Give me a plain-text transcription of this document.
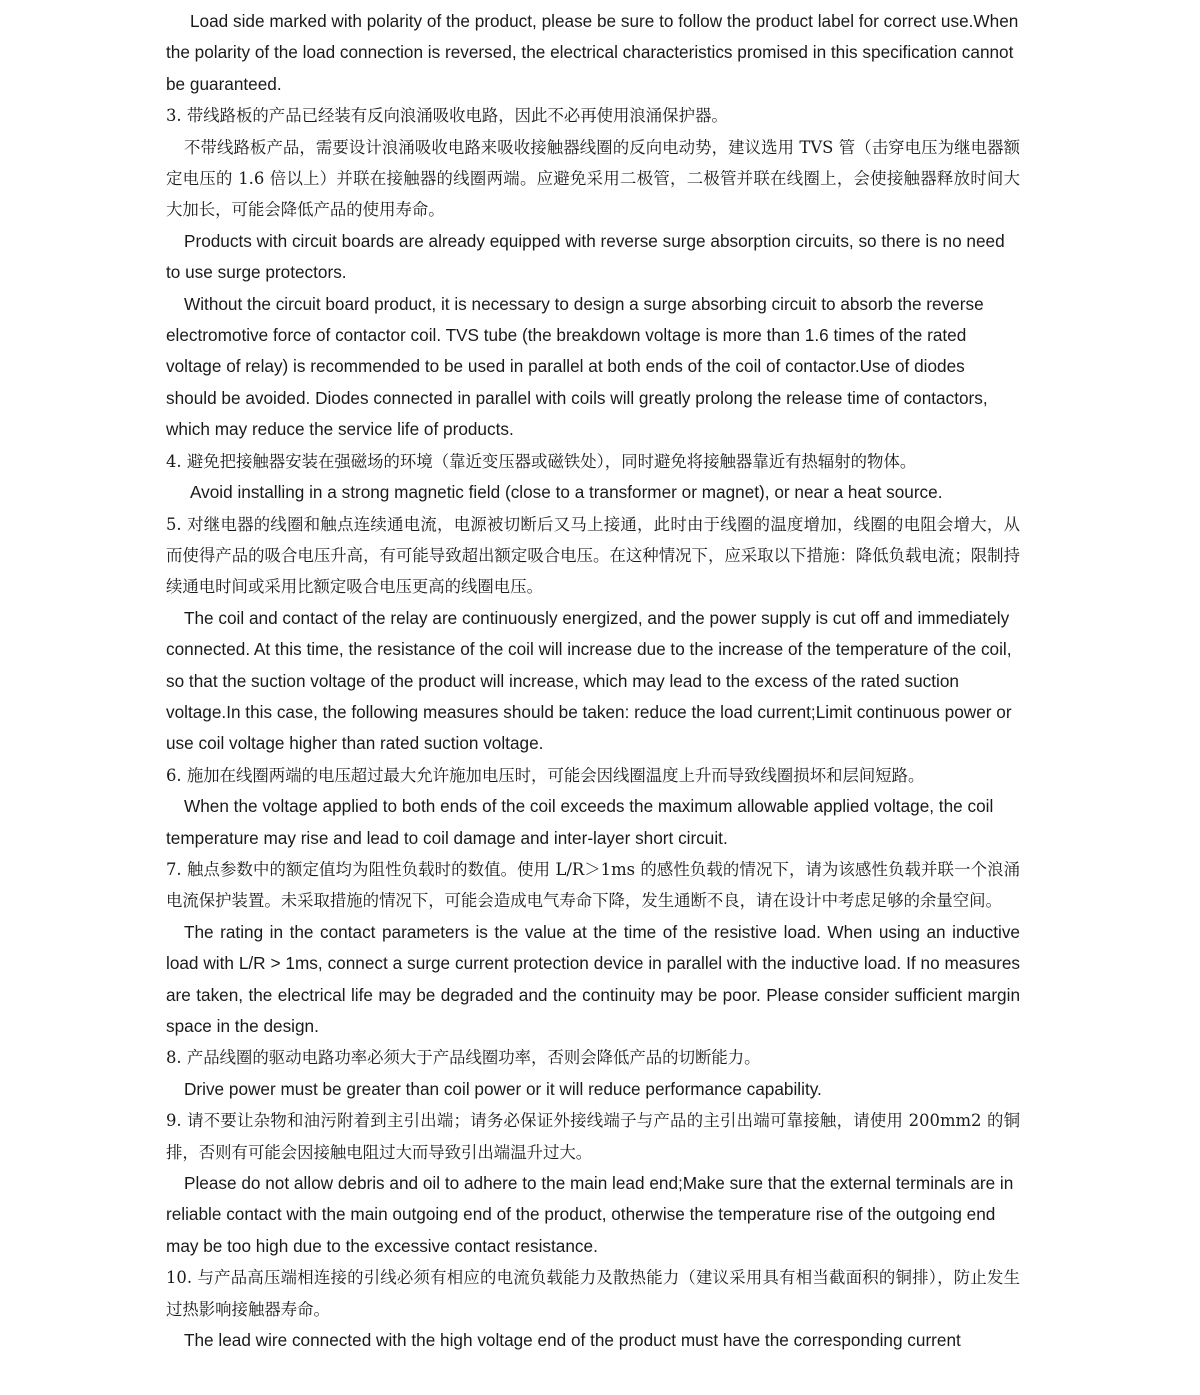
Load side marked with polarity of the product, please be sure to follow the product label for correct use.When the polarity of the load connection is reversed, the electrical characteristics promised in this specification cannot be guaranteed.

3. 带线路板的产品已经装有反向浪涌吸收电路，因此不必再使用浪涌保护器。

不带线路板产品，需要设计浪涌吸收电路来吸收接触器线圈的反向电动势，建议选用 TVS 管（击穿电压为继电器额定电压的 1.6 倍以上）并联在接触器的线圈两端。应避免采用二极管，二极管并联在线圈上，会使接触器释放时间大大加长，可能会降低产品的使用寿命。

Products with circuit boards are already equipped with reverse surge absorption circuits, so there is no need to use surge protectors.

Without the circuit board product, it is necessary to design a surge absorbing circuit to absorb the reverse electromotive force of contactor coil. TVS tube (the breakdown voltage is more than 1.6 times of the rated voltage of relay) is recommended to be used in parallel at both ends of the coil of contactor.Use of diodes should be avoided. Diodes connected in parallel with coils will greatly prolong the release time of contactors, which may reduce the service life of products.

4. 避免把接触器安装在强磁场的环境（靠近变压器或磁铁处），同时避免将接触器靠近有热辐射的物体。

Avoid installing in a strong magnetic field (close to a transformer or magnet), or near a heat source.

5. 对继电器的线圈和触点连续通电流，电源被切断后又马上接通，此时由于线圈的温度增加，线圈的电阻会增大，从而使得产品的吸合电压升高，有可能导致超出额定吸合电压。在这种情况下，应采取以下措施：降低负载电流；限制持续通电时间或采用比额定吸合电压更高的线圈电压。

The coil and contact of the relay are continuously energized, and the power supply is cut off and immediately connected. At this time, the resistance of the coil will increase due to the increase of the temperature of the coil, so that the suction voltage of the product will increase, which may lead to the excess of the rated suction voltage.In this case, the following measures should be taken: reduce the load current;Limit continuous power or use coil voltage higher than rated suction voltage.

6. 施加在线圈两端的电压超过最大允许施加电压时，可能会因线圈温度上升而导致线圈损坏和层间短路。

When the voltage applied to both ends of the coil exceeds the maximum allowable applied voltage, the coil temperature may rise and lead to coil damage and inter-layer short circuit.

7. 触点参数中的额定值均为阻性负载时的数值。使用 L/R＞1ms 的感性负载的情况下，请为该感性负载并联一个浪涌电流保护装置。未采取措施的情况下，可能会造成电气寿命下降，发生通断不良，请在设计中考虑足够的余量空间。

The rating in the contact parameters is the value at the time of the resistive load. When using an inductive load with L/R > 1ms, connect a surge current protection device in parallel with the inductive load. If no measures are taken, the electrical life may be degraded and the continuity may be poor. Please consider sufficient margin space in the design.

8. 产品线圈的驱动电路功率必须大于产品线圈功率，否则会降低产品的切断能力。

Drive power must be greater than coil power or it will reduce performance capability.

9. 请不要让杂物和油污附着到主引出端；请务必保证外接线端子与产品的主引出端可靠接触，请使用 200mm2 的铜排，否则有可能会因接触电阻过大而导致引出端温升过大。

Please do not allow debris and oil to adhere to the main lead end;Make sure that the external terminals are in reliable contact with the main outgoing end of the product, otherwise the temperature rise of the outgoing end may be too high due to the excessive contact resistance.

10. 与产品高压端相连接的引线必须有相应的电流负载能力及散热能力（建议采用具有相当截面积的铜排），防止发生过热影响接触器寿命。

The lead wire connected with the high voltage end of the product must have the corresponding current
